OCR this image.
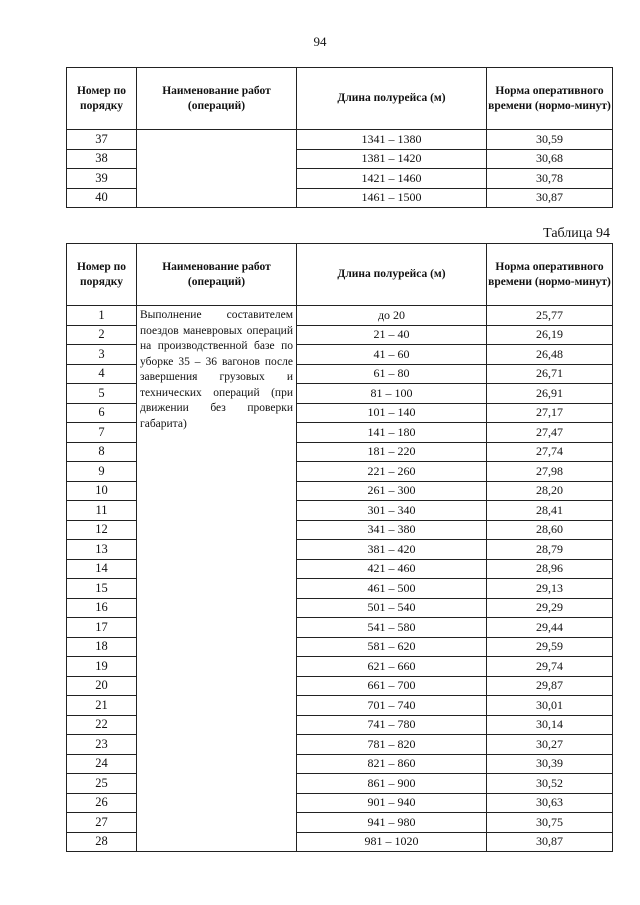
94
Номер по порядку	Наименование работ (операций)	Длина полурейса (м)	Норма оперативного времени (нормо-минут)
37		1341 – 1380	30,59
38		1381 – 1420	30,68
39		1421 – 1460	30,78
40		1461 – 1500	30,87
Таблица 94
Номер по порядку	Наименование работ (операций)	Длина полурейса (м)	Норма оперативного времени (нормо-минут)
1	Выполнение составителем поездов маневровых операций на производственной базе по уборке 35 – 36 вагонов после завершения грузовых и технических операций (при движении без проверки габарита)	до 20	25,77
2		21 – 40	26,19
3		41 – 60	26,48
4		61 – 80	26,71
5		81 – 100	26,91
6		101 – 140	27,17
7		141 – 180	27,47
8		181 – 220	27,74
9		221 – 260	27,98
10		261 – 300	28,20
11		301 – 340	28,41
12		341 – 380	28,60
13		381 – 420	28,79
14		421 – 460	28,96
15		461 – 500	29,13
16		501 – 540	29,29
17		541 – 580	29,44
18		581 – 620	29,59
19		621 – 660	29,74
20		661 – 700	29,87
21		701 – 740	30,01
22		741 – 780	30,14
23		781 – 820	30,27
24		821 – 860	30,39
25		861 – 900	30,52
26		901 – 940	30,63
27		941 – 980	30,75
28		981 – 1020	30,87
